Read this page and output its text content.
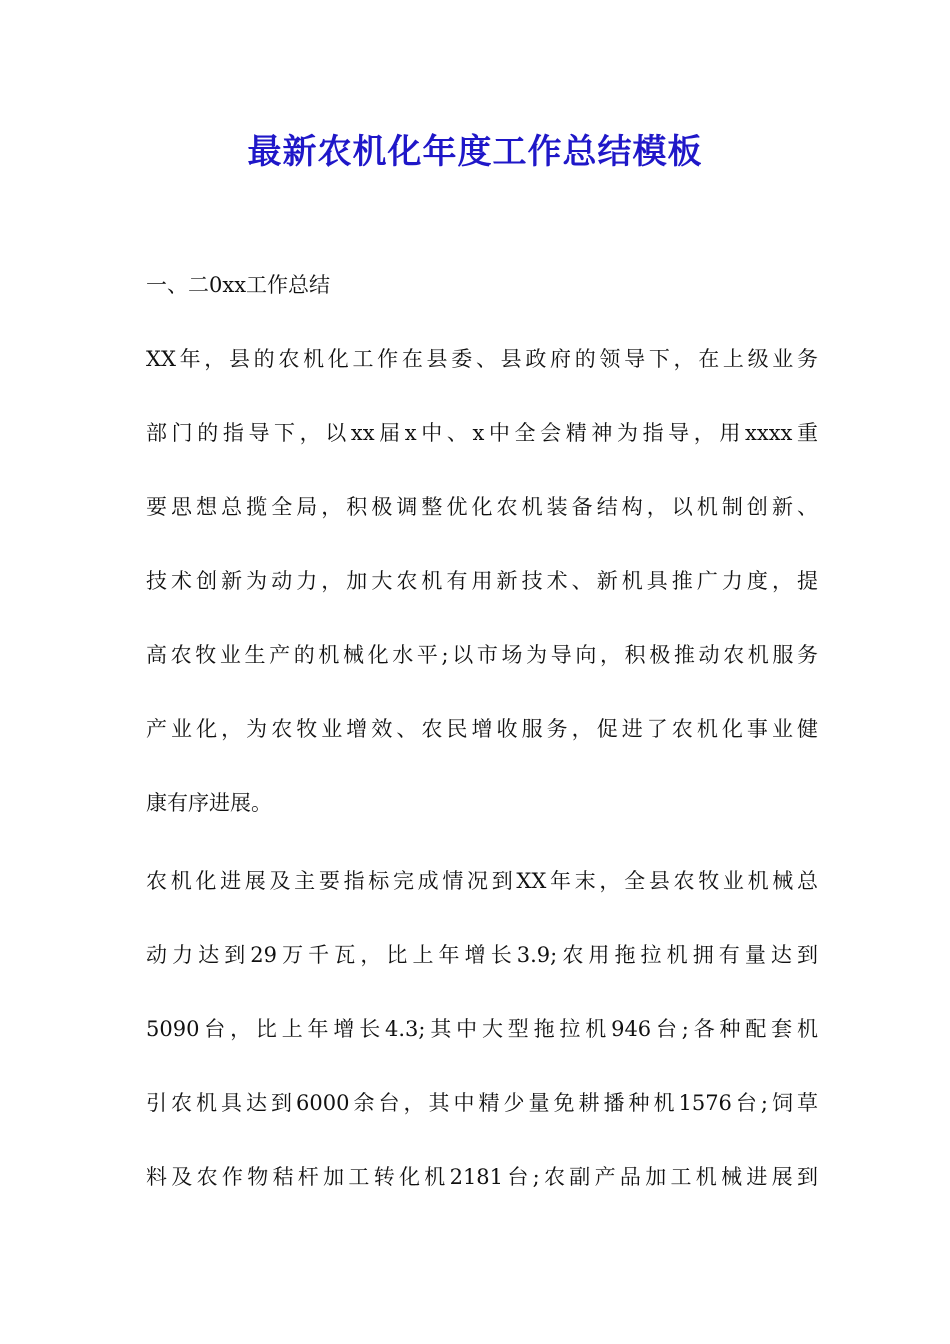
最新农机化年度工作总结模板
一、二0xx工作总结
XX年，县的农机化工作在县委、县政府的领导下，在上级业务
部门的指导下，以xx届x中、x中全会精神为指导，用xxxx重
要思想总揽全局，积极调整优化农机装备结构，以机制创新、
技术创新为动力，加大农机有用新技术、新机具推广力度，提
高农牧业生产的机械化水平;以市场为导向，积极推动农机服务
产业化，为农牧业增效、农民增收服务，促进了农机化事业健
康有序进展。
农机化进展及主要指标完成情况到XX年末，全县农牧业机械总
动力达到29万千瓦，比上年增长3.9;农用拖拉机拥有量达到
5090台，比上年增长4.3;其中大型拖拉机946台;各种配套机
引农机具达到6000余台，其中精少量免耕播种机1576台;饲草
料及农作物秸杆加工转化机2181台;农副产品加工机械进展到
